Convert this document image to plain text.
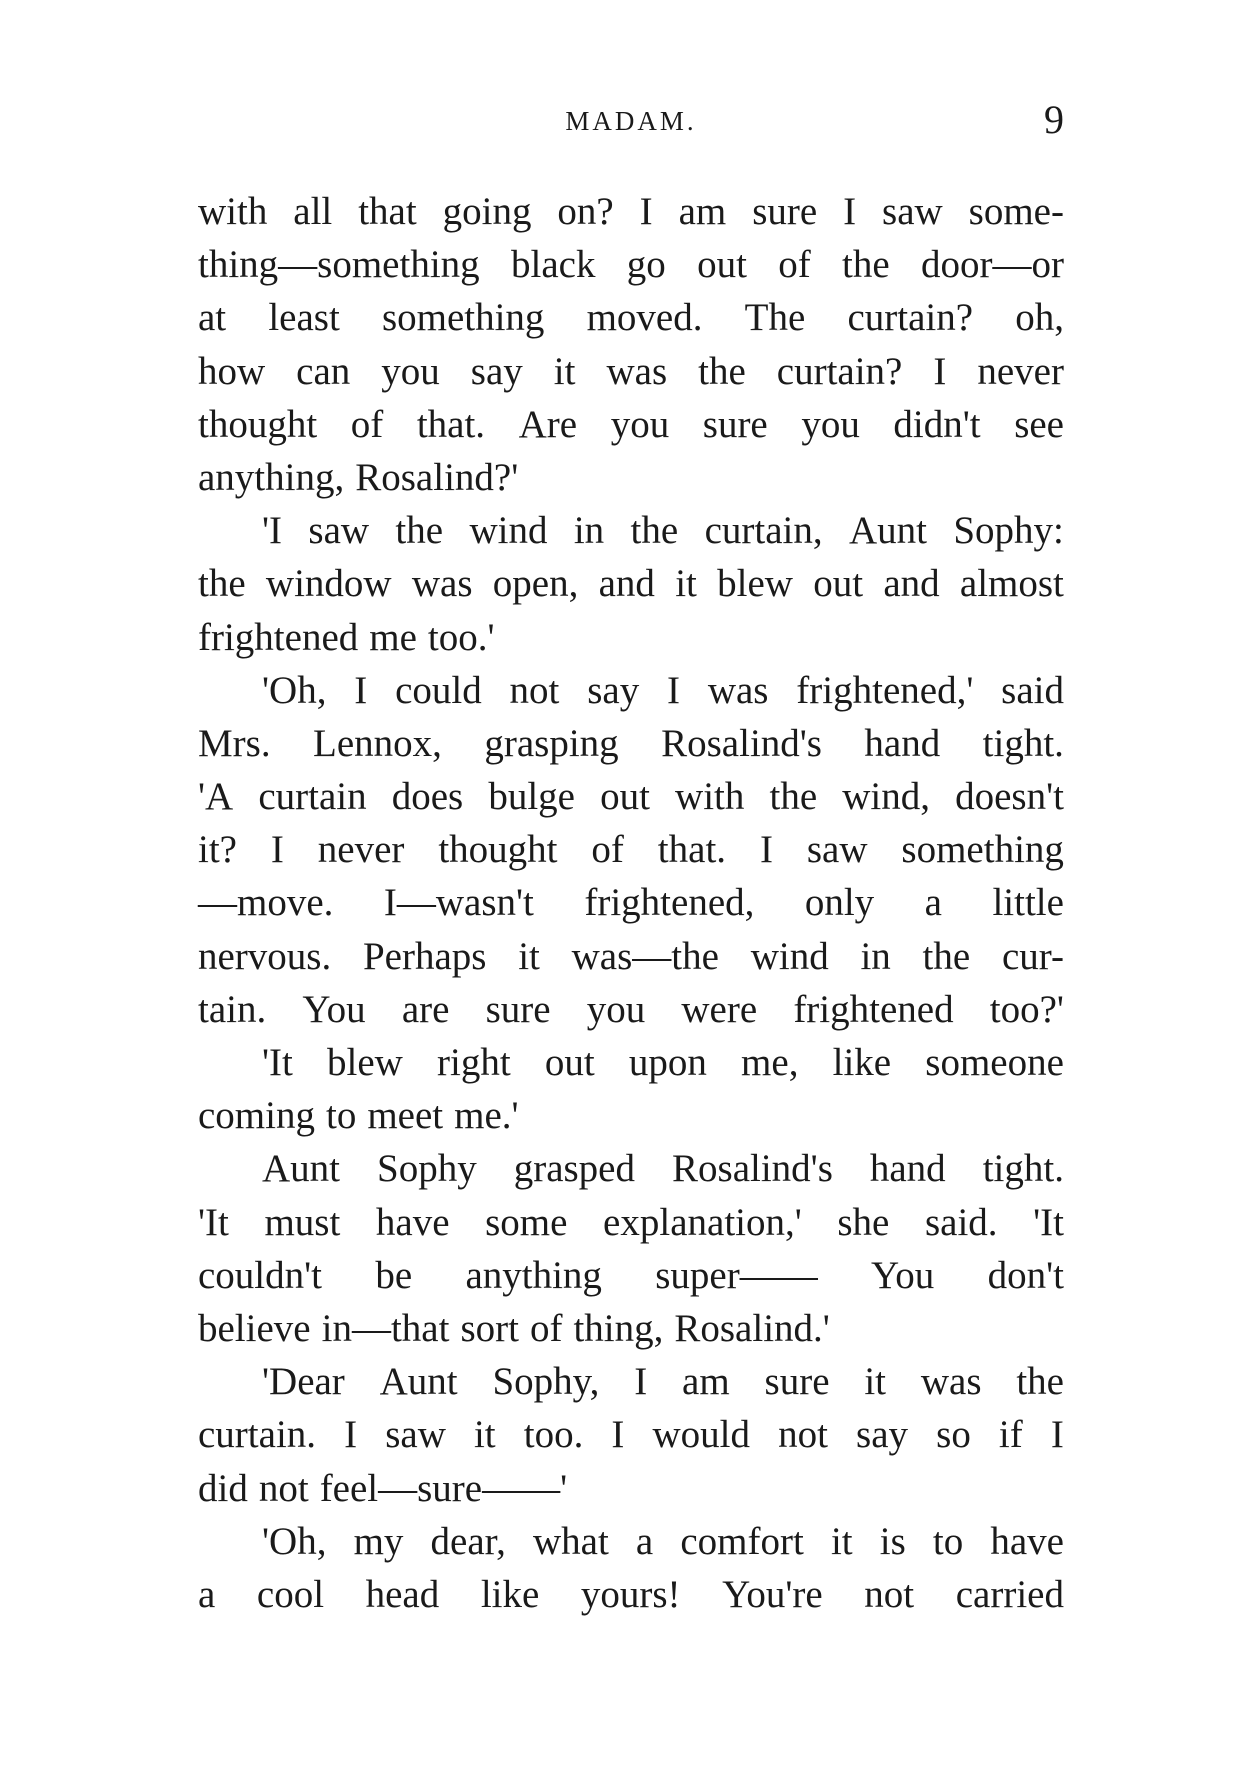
MADAM.	9
with all that going on? I am sure I saw some-
thing—something black go out of the door—or
at least something moved. The curtain? oh,
how can you say it was the curtain? I never
thought of that. Are you sure you didn't see
anything, Rosalind?'
'I saw the wind in the curtain, Aunt Sophy:
the window was open, and it blew out and almost
frightened me too.'
'Oh, I could not say I was frightened,' said
Mrs. Lennox, grasping Rosalind's hand tight.
'A curtain does bulge out with the wind, doesn't
it? I never thought of that. I saw something
—move. I—wasn't frightened, only a little
nervous. Perhaps it was—the wind in the cur-
tain. You are sure you were frightened too?'
'It blew right out upon me, like someone
coming to meet me.'
Aunt Sophy grasped Rosalind's hand tight.
'It must have some explanation,' she said. 'It
couldn't be anything super—— You don't
believe in—that sort of thing, Rosalind.'
'Dear Aunt Sophy, I am sure it was the
curtain. I saw it too. I would not say so if I
did not feel—sure——'
'Oh, my dear, what a comfort it is to have
a cool head like yours! You're not carried
